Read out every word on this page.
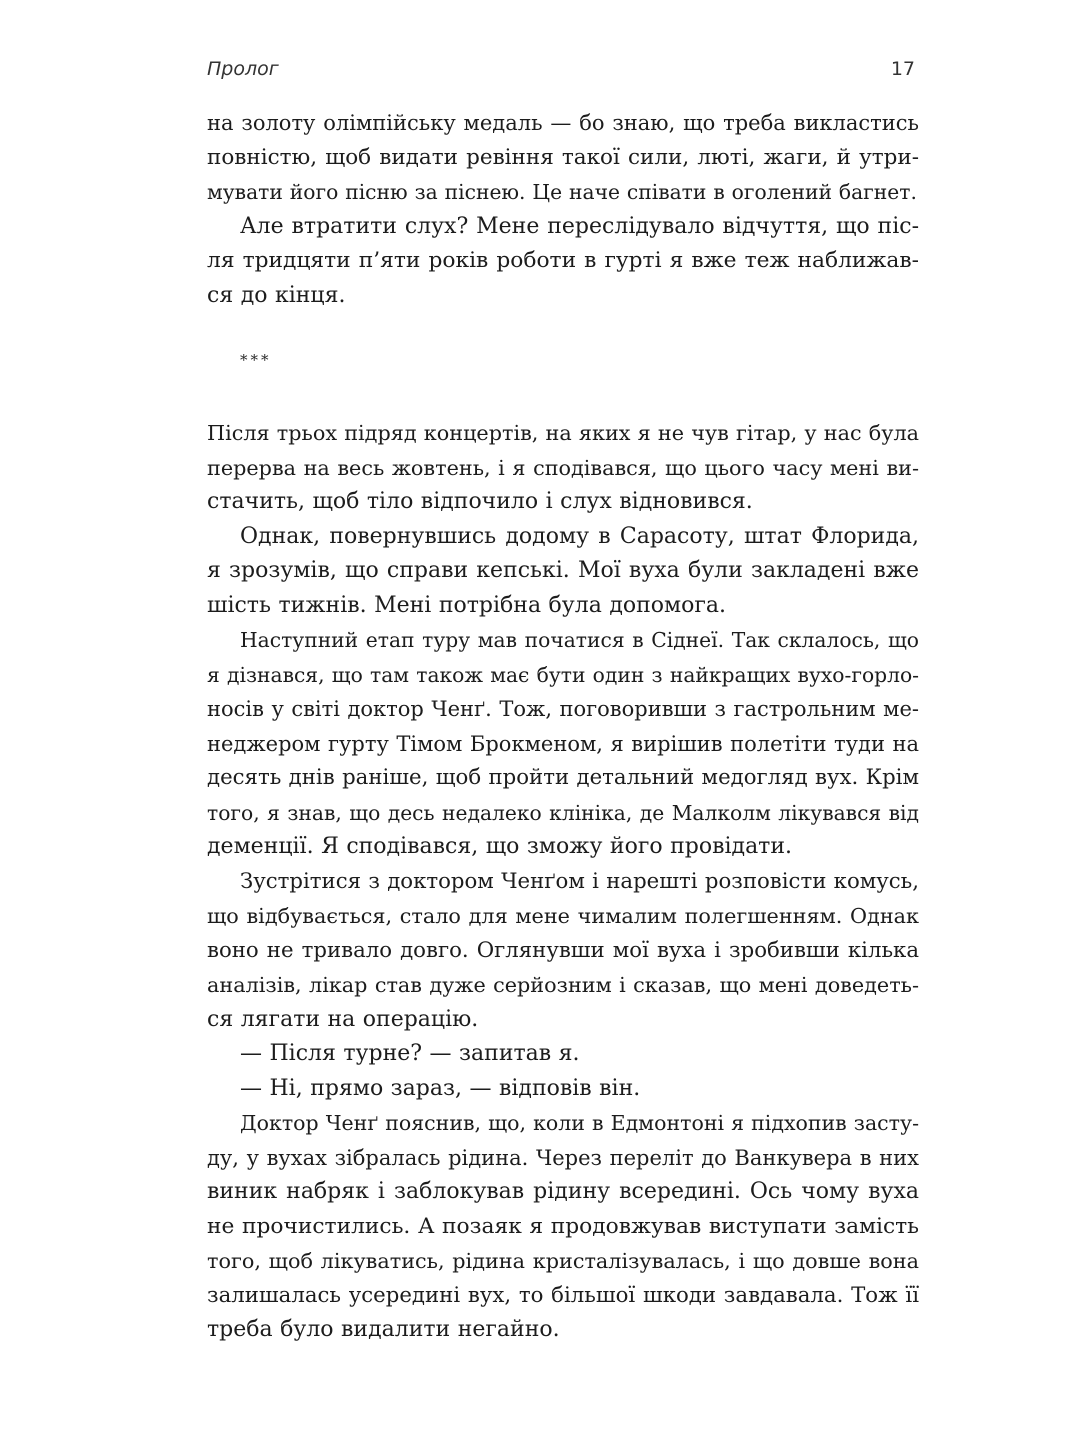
Пролог	17

на золоту олімпійську медаль — бо знаю, що треба викластись

повністю, щоб видати ревіння такої сили, люті, жаги, й утри-

мувати його пісню за піснею. Це наче співати в оголений багнет.

Але втратити слух? Мене переслідувало відчуття, що піс-

ля тридцяти п’яти років роботи в гурті я вже теж наближав-

ся до кінця.

***

Після трьох підряд концертів, на яких я не чув гітар, у нас була

перерва на весь жовтень, і я сподівався, що цього часу мені ви-

стачить, щоб тіло відпочило і слух відновився.

Однак, повернувшись додому в Сарасоту, штат Флорида,

я зрозумів, що справи кепські. Мої вуха були закладені вже

шість тижнів. Мені потрібна була допомога.

Наступний етап туру мав початися в Сіднеї. Так склалось, що

я дізнався, що там також має бути один з найкращих вухо-горло-

носів у світі доктор Ченґ. Тож, поговоривши з гастрольним ме-

неджером гурту Тімом Брокменом, я вирішив полетіти туди на

десять днів раніше, щоб пройти детальний медогляд вух. Крім

того, я знав, що десь недалеко клініка, де Малколм лікувався від

деменції. Я сподівався, що зможу його провідати.

Зустрітися з доктором Ченґом і нарешті розповісти комусь,

що відбувається, стало для мене чималим полегшенням. Однак

воно не тривало довго. Оглянувши мої вуха і зробивши кілька

аналізів, лікар став дуже серйозним і сказав, що мені доведеть-

ся лягати на операцію.

— Після турне? — запитав я.

— Ні, прямо зараз, — відповів він.

Доктор Ченґ пояснив, що, коли в Едмонтоні я підхопив засту-

ду, у вухах зібралась рідина. Через переліт до Ванкувера в них

виник набряк і заблокував рідину всередині. Ось чому вуха

не прочистились. А позаяк я продовжував виступати замість

того, щоб лікуватись, рідина кристалізувалась, і що довше вона

залишалась усередині вух, то більшої шкоди завдавала. Тож її

треба було видалити негайно.
